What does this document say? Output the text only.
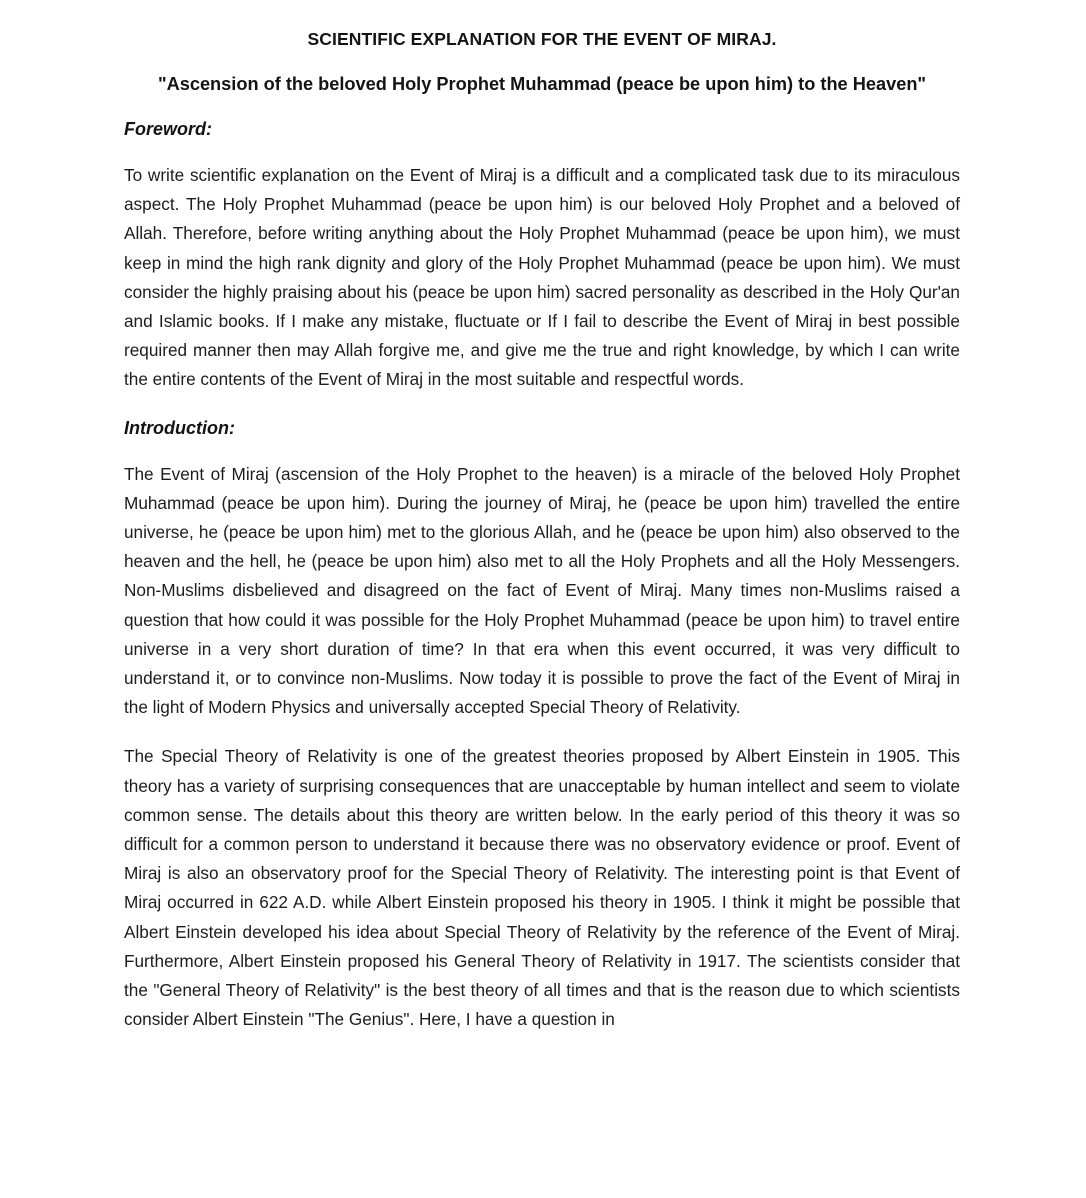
SCIENTIFIC EXPLANATION FOR THE EVENT OF MIRAJ.
"Ascension of the beloved Holy Prophet Muhammad (peace be upon him) to the Heaven"
Foreword:

To write scientific explanation on the Event of Miraj is a difficult and a complicated task due to its miraculous aspect. The Holy Prophet Muhammad (peace be upon him) is our beloved Holy Prophet and a beloved of Allah. Therefore, before writing anything about the Holy Prophet Muhammad (peace be upon him), we must keep in mind the high rank dignity and glory of the Holy Prophet Muhammad (peace be upon him). We must consider the highly praising about his (peace be upon him) sacred personality as described in the Holy Qur'an and Islamic books. If I make any mistake, fluctuate or If I fail to describe the Event of Miraj in best possible required manner then may Allah forgive me, and give me the true and right knowledge, by which I can write the entire contents of the Event of Miraj in the most suitable and respectful words.

Introduction:

The Event of Miraj (ascension of the Holy Prophet to the heaven) is a miracle of the beloved Holy Prophet Muhammad (peace be upon him). During the journey of Miraj, he (peace be upon him) travelled the entire universe, he (peace be upon him) met to the glorious Allah, and he (peace be upon him) also observed to the heaven and the hell, he (peace be upon him) also met to all the Holy Prophets and all the Holy Messengers. Non-Muslims disbelieved and disagreed on the fact of Event of Miraj. Many times non-Muslims raised a question that how could it was possible for the Holy Prophet Muhammad (peace be upon him) to travel entire universe in a very short duration of time? In that era when this event occurred, it was very difficult to understand it, or to convince non-Muslims. Now today it is possible to prove the fact of the Event of Miraj in the light of Modern Physics and universally accepted Special Theory of Relativity.

The Special Theory of Relativity is one of the greatest theories proposed by Albert Einstein in 1905. This theory has a variety of surprising consequences that are unacceptable by human intellect and seem to violate common sense. The details about this theory are written below. In the early period of this theory it was so difficult for a common person to understand it because there was no observatory evidence or proof. Event of Miraj is also an observatory proof for the Special Theory of Relativity. The interesting point is that Event of Miraj occurred in 622 A.D. while Albert Einstein proposed his theory in 1905. I think it might be possible that Albert Einstein developed his idea about Special Theory of Relativity by the reference of the Event of Miraj. Furthermore, Albert Einstein proposed his General Theory of Relativity in 1917. The scientists consider that the "General Theory of Relativity" is the best theory of all times and that is the reason due to which scientists consider Albert Einstein "The Genius". Here, I have a question in
